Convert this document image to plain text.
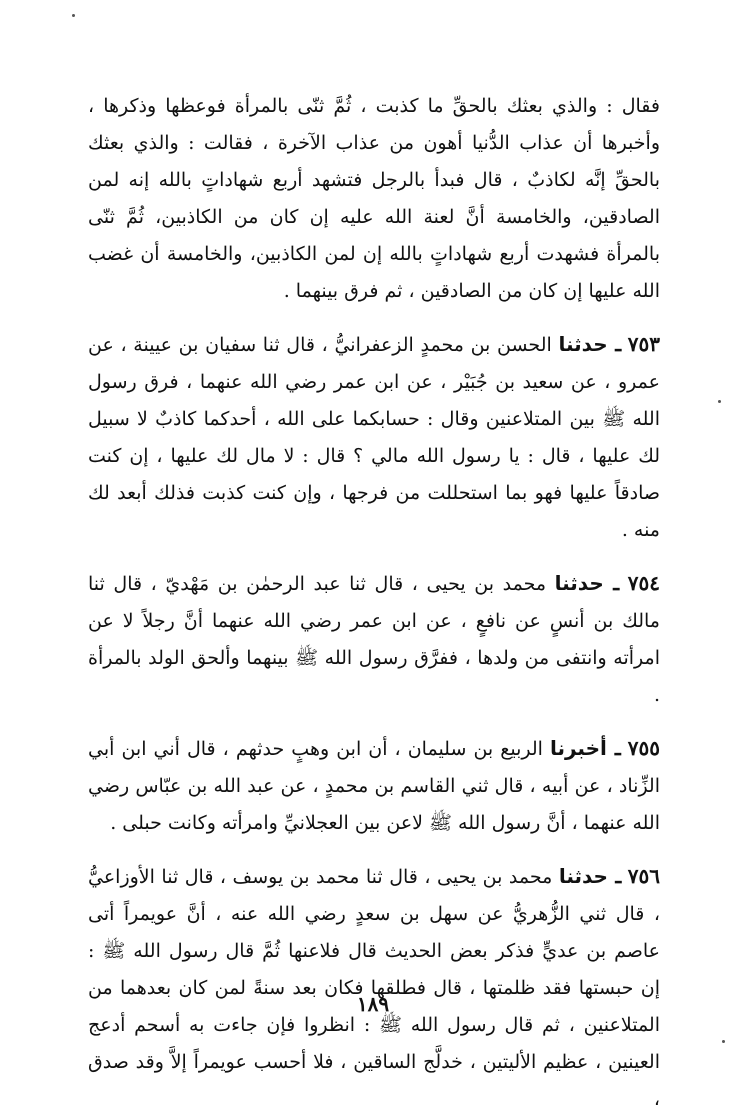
فقال : والذي بعثك بالحقِّ ما كذبت ، ثُمَّ ثنّى بالمرأة فوعظها وذكرها ، وأخبرها أن عذاب الدُّنيا أهون من عذاب الآخرة ، فقالت : والذي بعثك بالحقِّ إنَّه لكاذبٌ ، قال فبدأ بالرجل فتشهد أربع شهاداتٍ بالله إنه لمن الصادقين، والخامسة أنَّ لعنة الله عليه إن كان من الكاذبين، ثُمَّ ثنّى بالمرأة فشهدت أربع شهاداتٍ بالله إن لمن الكاذبين، والخامسة أن غضب الله عليها إن كان من الصادقين ، ثم فرق بينهما .

٧٥٣ ـ حدثنا الحسن بن محمدٍ الزعفرانيُّ ، قال ثنا سفيان بن عيينة ، عن عمرو ، عن سعيد بن جُبَيْر ، عن ابن عمر رضي الله عنهما ، فرق رسول الله ﷺ بين المتلاعنين وقال : حسابكما على الله ، أحدكما كاذبٌ لا سبيل لك عليها ، قال : يا رسول الله مالي ؟ قال : لا مال لك عليها ، إن كنت صادقاً عليها فهو بما استحللت من فرجها ، وإن كنت كذبت فذلك أبعد لك منه .

٧٥٤ ـ حدثنا محمد بن يحيى ، قال ثنا عبد الرحمٰن بن مَهْديّ ، قال ثنا مالك بن أنسٍ عن نافعٍ ، عن ابن عمر رضي الله عنهما أنَّ رجلاً لا عن امرأته وانتفى من ولدها ، ففرَّق رسول الله ﷺ بينهما وألحق الولد بالمرأة .

٧٥٥ ـ أخبرنا الربيع بن سليمان ، أن ابن وهبٍ حدثهم ، قال أني ابن أبي الزِّناد ، عن أبيه ، قال ثني القاسم بن محمدٍ ، عن عبد الله بن عبّاس رضي الله عنهما ، أنَّ رسول الله ﷺ لاعن بين العجلانيِّ وامرأته وكانت حبلى .

٧٥٦ ـ حدثنا محمد بن يحيى ، قال ثنا محمد بن يوسف ، قال ثنا الأوزاعيُّ ، قال ثني الزُّهريُّ عن سهل بن سعدٍ رضي الله عنه ، أنَّ عويمراً أتى عاصم بن عديٍّ فذكر بعض الحديث قال فلاعنها ثُمَّ قال رسول الله ﷺ : إن حبستها فقد ظلمتها ، قال فطلقها فكان بعد سنةً لمن كان بعدهما من المتلاعنين ، ثم قال رسول الله ﷺ : انظروا فإن جاءت به أسحم أدعج العينين ، عظيم الأليتين ، خدلَّج الساقين ، فلا أحسب عويمراً إلاَّ وقد صدق ،

١٨٩
